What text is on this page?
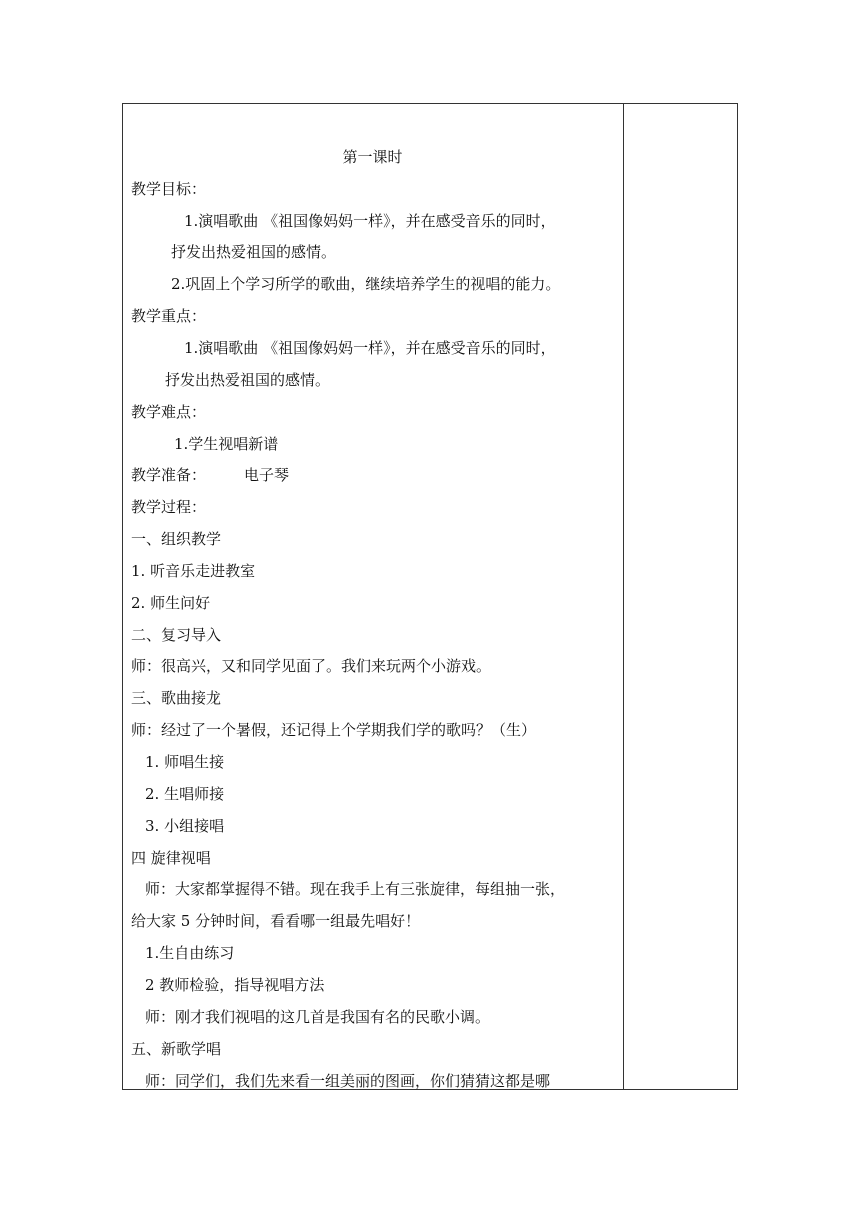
第一课时
教学目标：
1.演唱歌曲 《祖国像妈妈一样》，并在感受音乐的同时，
抒发出热爱祖国的感情。
2.巩固上个学习所学的歌曲，继续培养学生的视唱的能力。
教学重点：
1.演唱歌曲 《祖国像妈妈一样》，并在感受音乐的同时，
抒发出热爱祖国的感情。
教学难点：
1.学生视唱新谱
教学准备：	电子琴
教学过程：
一、组织教学
1. 听音乐走进教室
2. 师生问好
二、复习导入
师：很高兴，又和同学见面了。我们来玩两个小游戏。
三、歌曲接龙
师：经过了一个暑假，还记得上个学期我们学的歌吗？（生）
1. 师唱生接
2. 生唱师接
3. 小组接唱
四 旋律视唱
师：大家都掌握得不错。现在我手上有三张旋律，每组抽一张，
给大家 5 分钟时间，看看哪一组最先唱好！
1.生自由练习
2 教师检验，指导视唱方法
师：刚才我们视唱的这几首是我国有名的民歌小调。
五、新歌学唱
师：同学们，我们先来看一组美丽的图画，你们猜猜这都是哪
